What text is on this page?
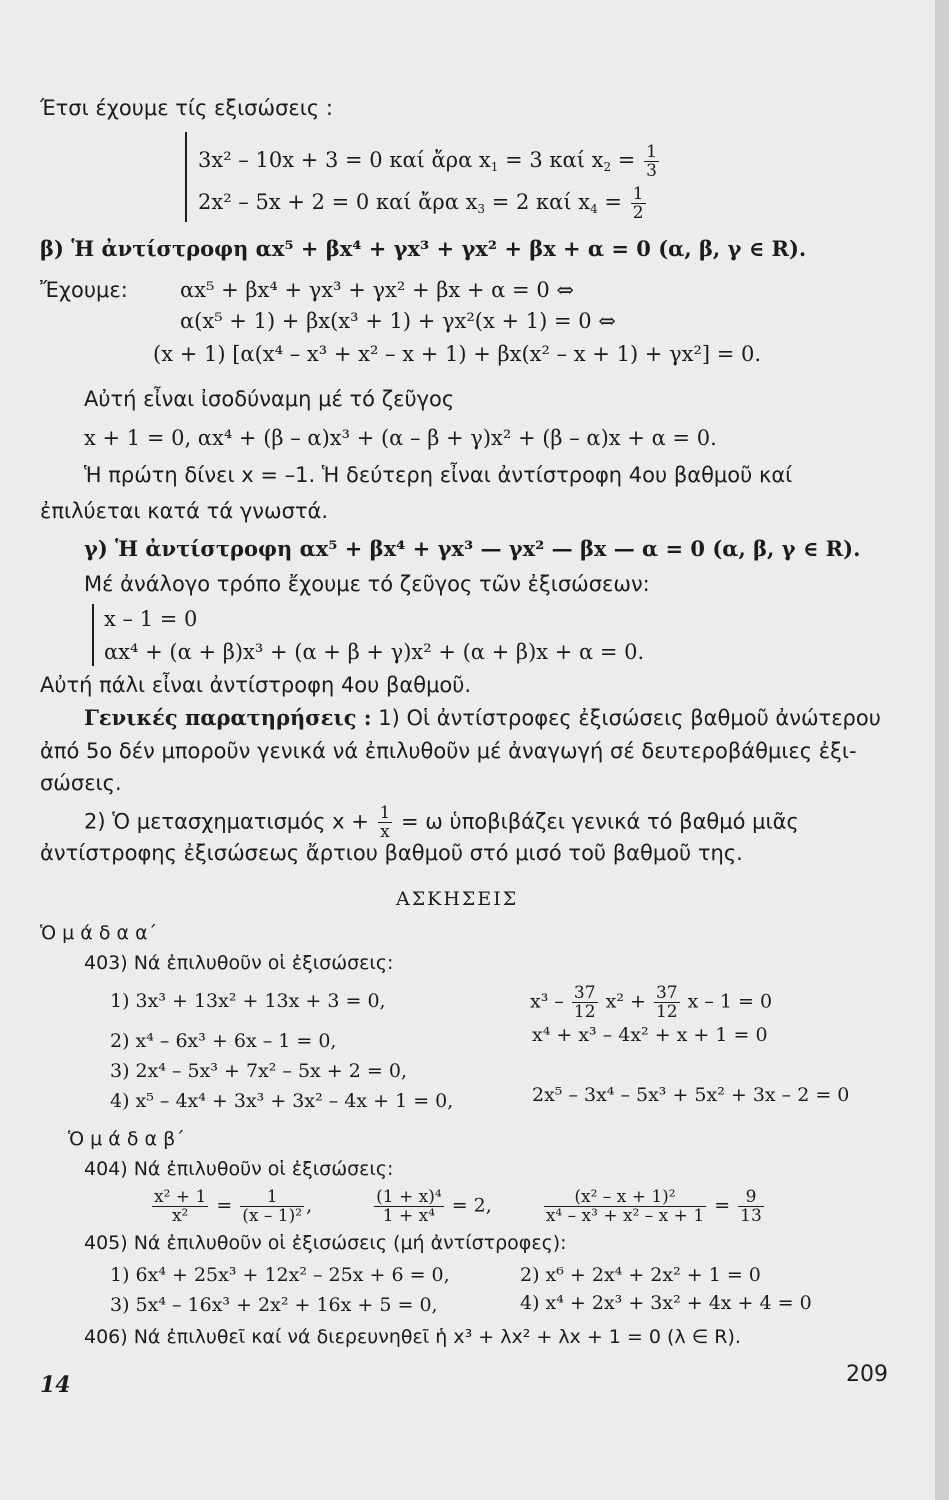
Έτσι έχουμε τίς εξισώσεις :
3x² – 10x + 3 = 0 καί ἄρα $x_1 = 3$ καί $x_2 = \frac{1}{3}$
2x² – 5x + 2 = 0 καί ἄρα $x_3 = 2$ καί $x_4 = \frac{1}{2}$
β) Ἡ ἀντίστροφη αx⁵ + βx⁴ + γx³ + γx² + βx + α = 0 (α, β, γ ∈ R).
Ἔχουμε: αx⁵ + βx⁴ + γx³ + γx² + βx + α = 0 ⇔
α(x⁵ + 1) + βx(x³ + 1) + γx²(x + 1) = 0 ⇔
(x + 1) [α(x⁴ – x³ + x² – x + 1) + βx(x² – x + 1) + γx²] = 0.
Αὐτή εἶναι ἰσοδύναμη μέ τό ζεῦγος
x + 1 = 0, αx⁴ + (β – α)x³ + (α – β + γ)x² + (β – α)x + α = 0.
Ἡ πρώτη δίνει x = –1. Ἡ δεύτερη εἶναι ἀντίστροφη 4ου βαθμοῦ καί
ἐπιλύεται κατά τά γνωστά.
γ) Ἡ ἀντίστροφη αx⁵ + βx⁴ + γx³ — γx² — βx — α = 0 (α, β, γ ∈ R).
Μέ ἀνάλογο τρόπο ἔχουμε τό ζεῦγος τῶν ἐξισώσεων:
x – 1 = 0
αx⁴ + (α + β)x³ + (α + β + γ)x² + (α + β)x + α = 0.
Αὐτή πάλι εἶναι ἀντίστροφη 4ου βαθμοῦ.
Γενικές παρατηρήσεις : 1) Οἱ ἀντίστροφες ἐξισώσεις βαθμοῦ ἀνώτερου
ἀπό 5ο δέν μποροῦν γενικά νά ἐπιλυθοῦν μέ ἀναγωγή σέ δευτεροβάθμιες ἐξι-
σώσεις.
2) Ὁ μετασχηματισμός $x + \frac{1}{x} = \omega$ ὑποβιβάζει γενικά τό βαθμό μιᾶς
ἀντίστροφης ἐξισώσεως ἄρτιου βαθμοῦ στό μισό τοῦ βαθμοῦ της.
ΑΣΚΗΣΕΙΣ
Ὁ μ ά δ α α΄
403) Νά ἐπιλυθοῦν οἱ ἐξισώσεις:
1) 3x³ + 13x² + 13x + 3 = 0,	$x^3 - \frac{37}{12} x^2 + \frac{37}{12}$ x – 1 = 0
2) x⁴ – 6x³ + 6x – 1 = 0,	x⁴ + x³ – 4x² + x + 1 = 0
3) 2x⁴ – 5x³ + 7x² – 5x + 2 = 0,
4) x⁵ – 4x⁴ + 3x³ + 3x² – 4x + 1 = 0,	2x⁵ – 3x⁴ – 5x³ + 5x² + 3x – 2 = 0
Ὁ μ ά δ α β΄
404) Νά ἐπιλυθοῦν οἱ ἐξισώσεις:
$\frac{\text{x² + 1}}{\text{x²}} = \frac{1}{\text{(x – 1)²}}$ ,	$\frac{\text{(1 + x)⁴}}{\text{1 + x⁴}} = 2$,	$\frac{\text{(x² – x + 1)²}}{\text{x⁴ – x³ + x² – x + 1}} = \frac{9}{13}$
405) Νά ἐπιλυθοῦν οἱ ἐξισώσεις (μή ἀντίστροφες):
1) 6x⁴ + 25x³ + 12x² – 25x + 6 = 0,	2) x⁶ + 2x⁴ + 2x² + 1 = 0
3) 5x⁴ – 16x³ + 2x² + 16x + 5 = 0,	4) x⁴ + 2x³ + 3x² + 4x + 4 = 0
406) Νά ἐπιλυθεῖ καί νά διερευνηθεῖ ἡ x³ + λx² + λx + 1 = 0 (λ ∈ R).
14	209
